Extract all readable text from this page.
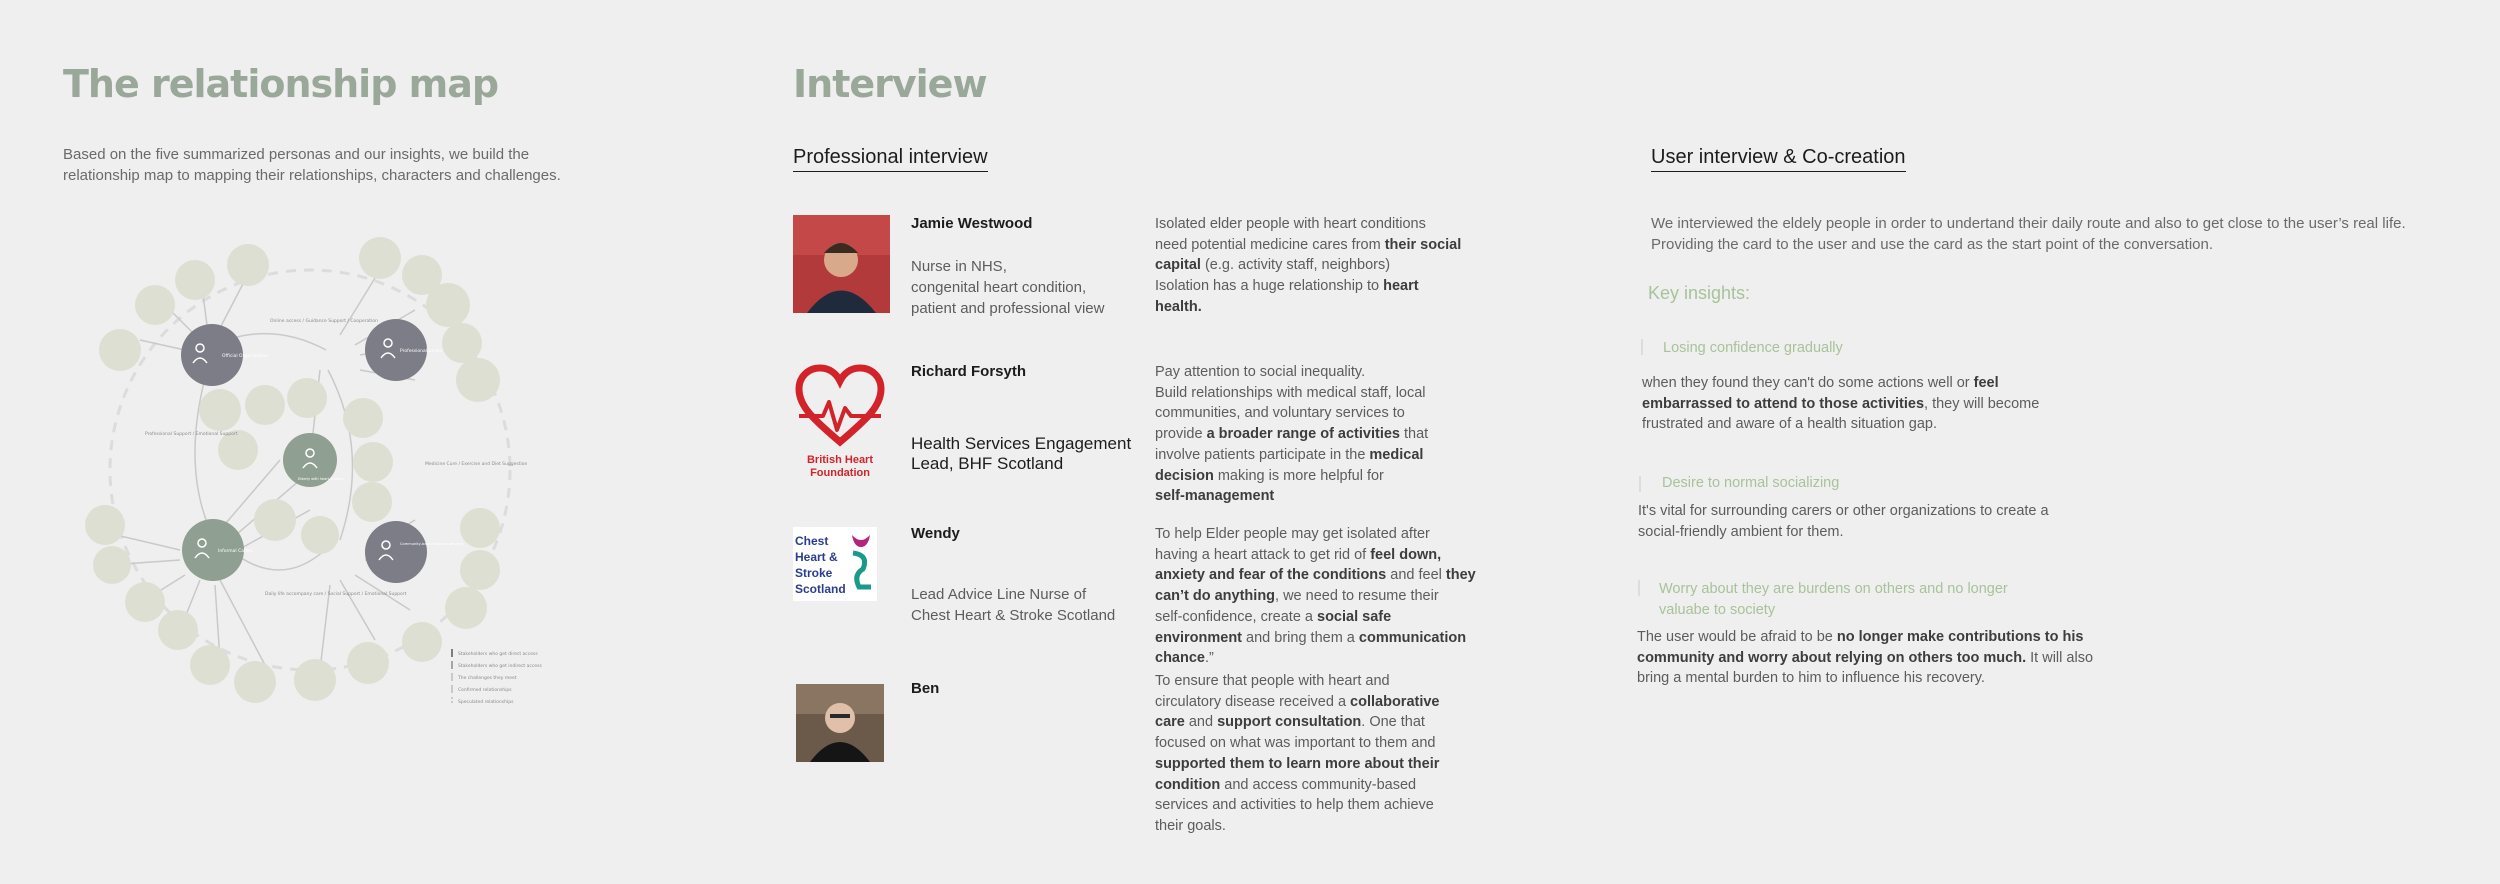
The relationship map
Based on the five summarized personas and our insights, we build the
relationship map to mapping their relationships, characters and challenges.
Official Organization
Professional carers
Elderly with heart disease
Informal Carers
Community-based support services
Online access / Guidance Support / Cooperation
Professional Support / Emotional Support
Medicine Cure / Exercise and Diet Suggestion
Daily life accompany care / Social Support / Emotional Support
Stakeholders who get direct access
Stakeholders who get indirect access
The challenges they meet
Confirmed relationships
Speculated relationships
Interview
Professional interview
Jamie Westwood
Nurse in NHS,
congenital heart condition,
patient and professional view
Isolated elder people with heart conditions
need potential medicine cares from their social
capital (e.g. activity staff, neighbors)
Isolation has a huge relationship to heart
health.
British Heart
Foundation
Richard Forsyth
Health Services Engagement
Lead, BHF Scotland
Pay attention to social inequality.
Build relationships with medical staff, local
communities, and voluntary services to
provide a broader range of activities that
involve patients participate in the medical
decision making is more helpful for
self-management
Chest
Heart &
Stroke
Scotland
Wendy
Lead Advice Line Nurse of
Chest Heart & Stroke Scotland
To help Elder people may get isolated after
having a heart attack to get rid of feel down,
anxiety and fear of the conditions and feel they
can’t do anything, we need to resume their
self-confidence, create a social safe
environment and bring them a communication
chance.”
Ben	To ensure that people with heart and
circulatory disease received a collaborative
care and support consultation. One that
focused on what was important to them and
supported them to learn more about their
condition and access community-based
services and activities to help them achieve
their goals.
User interview & Co-creation
We interviewed the eldely people in order to undertand their daily route and also to get close to the user’s real life.
Providing the card to the user and use the card as the start point of the conversation.
Key insights:
Losing confidence gradually
when they found they can't do some actions well or feel
embarrassed to attend to those activities, they will become
frustrated and aware of a health situation gap.
Desire to normal socializing
It's vital for surrounding carers or other organizations to create a
social-friendly ambient for them.
Worry about they are burdens on others and no longer
valuabe to society
The user would be afraid to be no longer make contributions to his
community and worry about relying on others too much. It will also
bring a mental burden to him to influence his recovery.
